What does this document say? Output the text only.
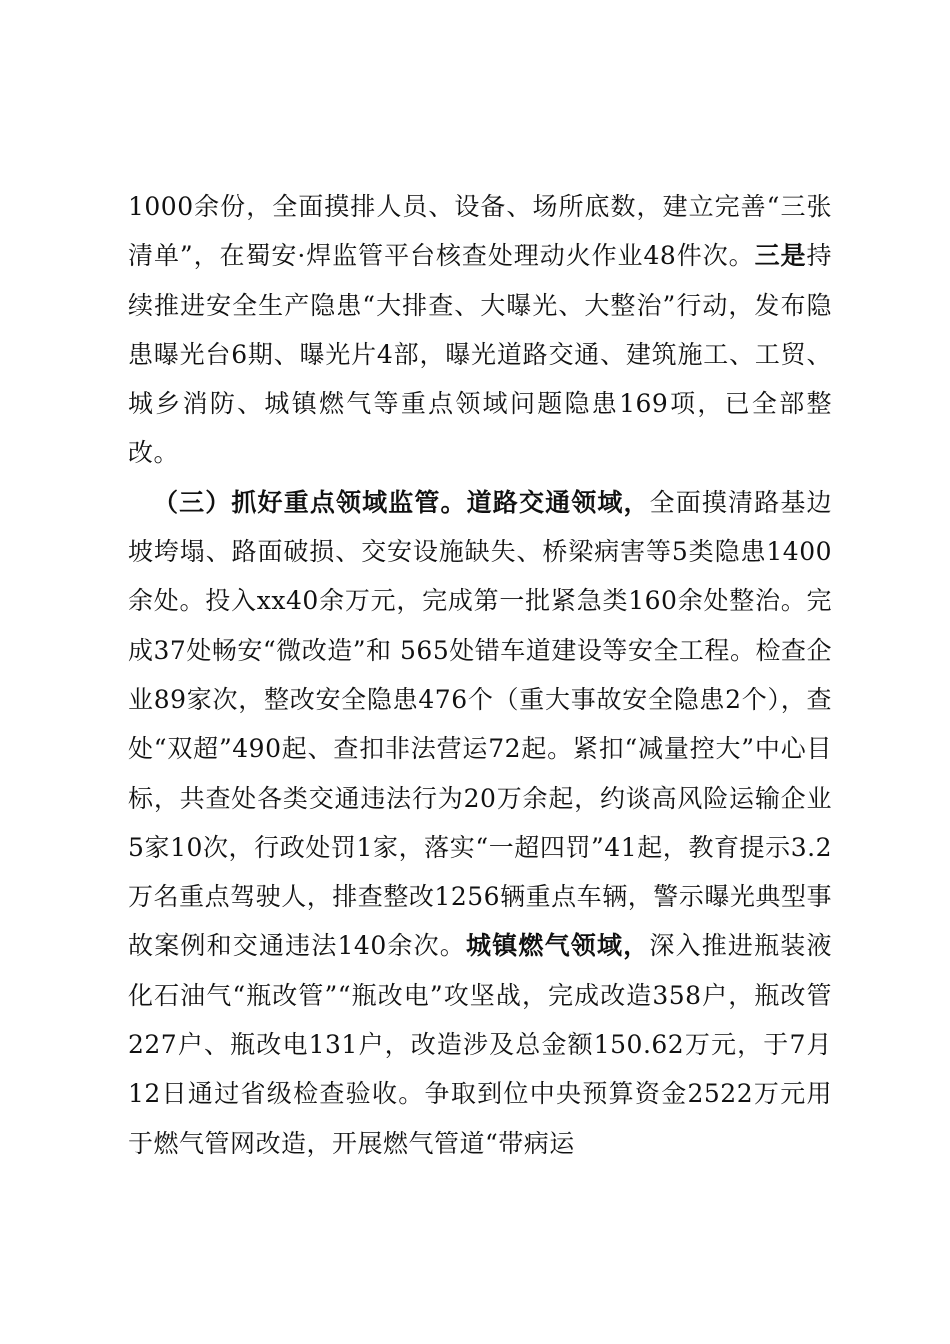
1000余份，全面摸排人员、设备、场所底数，建立完善“三张清单”，在蜀安·焊监管平台核查处理动火作业48件次。三是持续推进安全生产隐患“大排查、大曝光、大整治”行动，发布隐患曝光台6期、曝光片4部，曝光道路交通、建筑施工、工贸、城乡消防、城镇燃气等重点领域问题隐患169项，已全部整改。

（三）抓好重点领域监管。道路交通领域，全面摸清路基边坡垮塌、路面破损、交安设施缺失、桥梁病害等5类隐患1400余处。投入xx40余万元，完成第一批紧急类160余处整治。完成37处畅安“微改造”和 565处错车道建设等安全工程。检查企业89家次，整改安全隐患476个（重大事故安全隐患2个），查处“双超”490起、查扣非法营运72起。紧扣“减量控大”中心目标，共查处各类交通违法行为20万余起，约谈高风险运输企业5家10次，行政处罚1家，落实“一超四罚”41起，教育提示3.2万名重点驾驶人，排查整改1256辆重点车辆，警示曝光典型事故案例和交通违法140余次。城镇燃气领域，深入推进瓶装液化石油气“瓶改管”“瓶改电”攻坚战，完成改造358户，瓶改管227户、瓶改电131户，改造涉及总金额150.62万元，于7月12日通过省级检查验收。争取到位中央预算资金2522万元用于燃气管网改造，开展燃气管道“带病运
